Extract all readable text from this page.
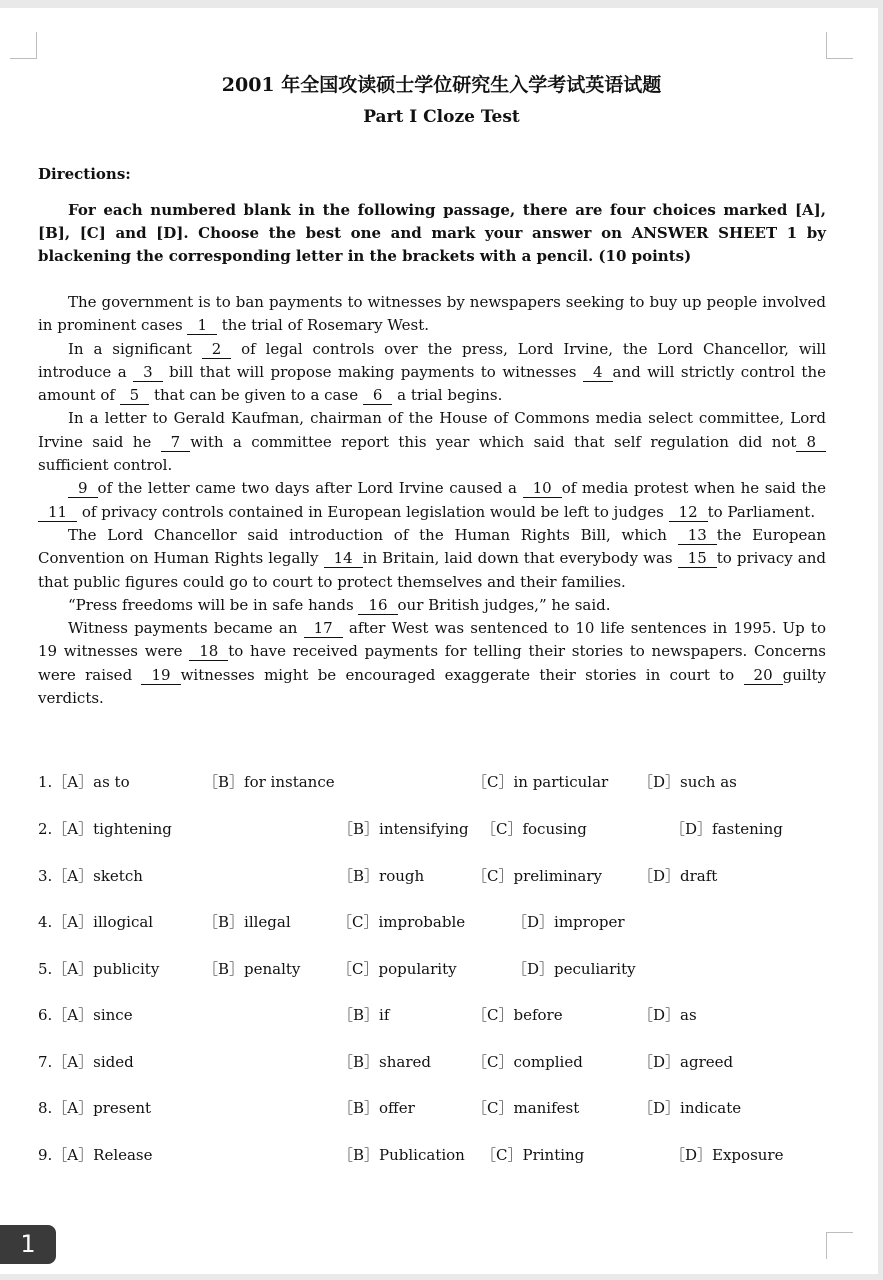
2001 年全国攻读硕士学位研究生入学考试英语试题
Part I Cloze Test
Directions:
For each numbered blank in the following passage, there are four choices marked [A], [B], [C] and [D]. Choose the best one and mark your answer on ANSWER SHEET 1 by blackening the corresponding letter in the brackets with a pencil. (10 points)

The government is to ban payments to witnesses by newspapers seeking to buy up people involved in prominent cases 1 the trial of Rosemary West.

In a significant 2 of legal controls over the press, Lord Irvine, the Lord Chancellor, will introduce a 3 bill that will propose making payments to witnesses 4 and will strictly control the amount of 5 that can be given to a case 6 a trial begins.

In a letter to Gerald Kaufman, chairman of the House of Commons media select committee, Lord Irvine said he 7 with a committee report this year which said that self regulation did not 8 sufficient control.

9 of the letter came two days after Lord Irvine caused a 10 of media protest when he said the 11 of privacy controls contained in European legislation would be left to judges 12 to Parliament.

The Lord Chancellor said introduction of the Human Rights Bill, which 13 the European Convention on Human Rights legally 14 in Britain, laid down that everybody was 15 to privacy and that public figures could go to court to protect themselves and their families.

“Press freedoms will be in safe hands 16 our British judges,” he said.

Witness payments became an 17 after West was sentenced to 10 life sentences in 1995. Up to 19 witnesses were 18 to have received payments for telling their stories to newspapers. Concerns were raised 19 witnesses might be encouraged exaggerate their stories in court to 20 guilty verdicts.

1.［A］as to	［B］for instance	［C］in particular ［D］such as
2.［A］tightening	［B］intensifying ［C］focusing	［D］fastening
3.［A］sketch	［B］rough	［C］preliminary ［D］draft
4.［A］illogical	［B］illegal	［C］improbable	［D］improper
5.［A］publicity	［B］penalty ［C］popularity	［D］peculiarity
6.［A］since	［B］if	［C］before	［D］as
7.［A］sided	［B］shared	［C］complied	［D］agreed
8.［A］present	［B］offer	［C］manifest	［D］indicate
9.［A］Release	［B］Publication ［C］Printing	［D］Exposure
1
